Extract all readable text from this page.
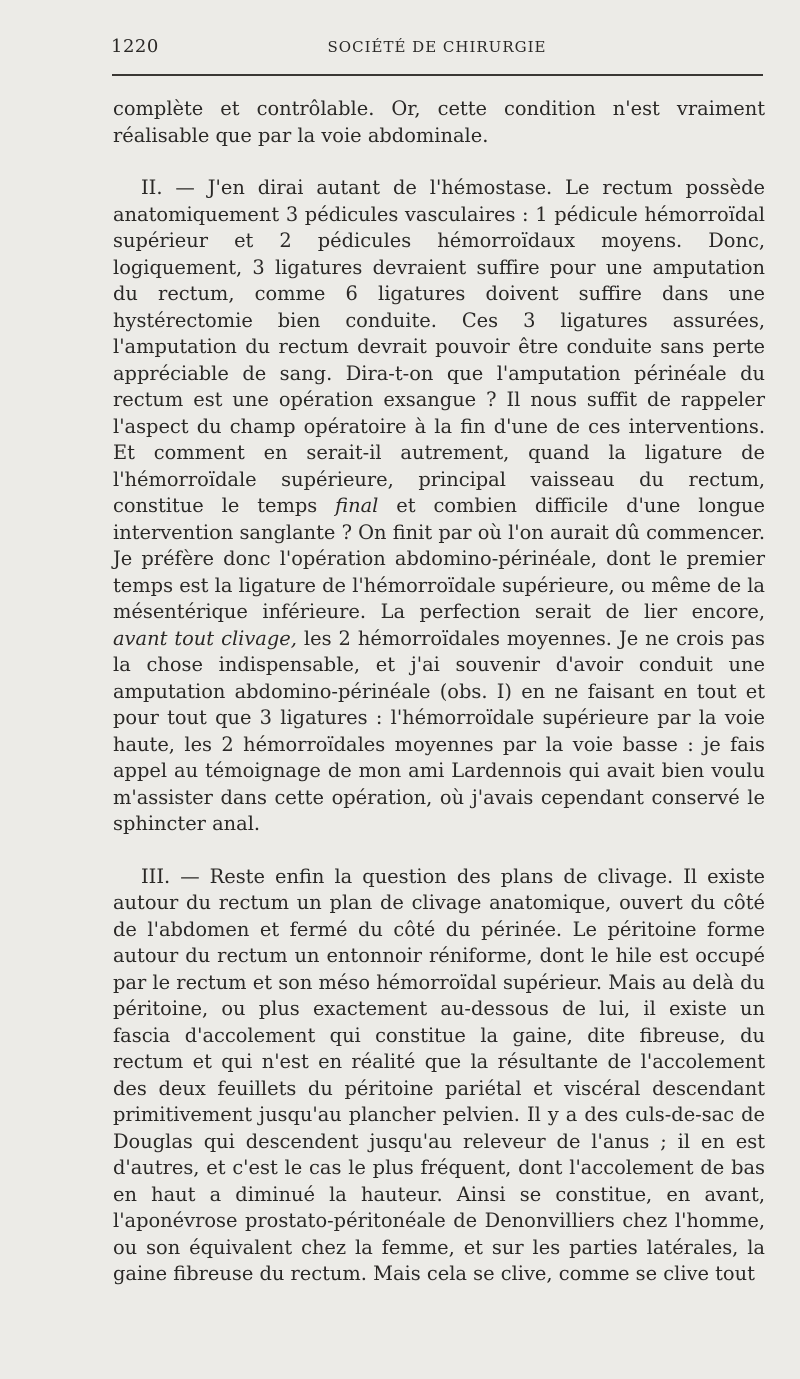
1220	SOCIÉTÉ DE CHIRURGIE

complète et contrôlable. Or, cette condition n'est vraiment réalisable que par la voie abdominale.

II. — J'en dirai autant de l'hémostase. Le rectum possède anatomiquement 3 pédicules vasculaires : 1 pédicule hémorroïdal supérieur et 2 pédicules hémorroïdaux moyens. Donc, logiquement, 3 ligatures devraient suffire pour une amputation du rectum, comme 6 ligatures doivent suffire dans une hystérectomie bien conduite. Ces 3 ligatures assurées, l'amputation du rectum devrait pouvoir être conduite sans perte appréciable de sang. Dira-t-on que l'amputation périnéale du rectum est une opération exsangue ? Il nous suffit de rappeler l'aspect du champ opératoire à la fin d'une de ces interventions. Et comment en serait-il autrement, quand la ligature de l'hémorroïdale supérieure, principal vaisseau du rectum, constitue le temps final et combien difficile d'une longue intervention sanglante ? On finit par où l'on aurait dû commencer. Je préfère donc l'opération abdomino-périnéale, dont le premier temps est la ligature de l'hémorroïdale supérieure, ou même de la mésentérique inférieure. La perfection serait de lier encore, avant tout clivage, les 2 hémorroïdales moyennes. Je ne crois pas la chose indispensable, et j'ai souvenir d'avoir conduit une amputation abdomino-périnéale (obs. I) en ne faisant en tout et pour tout que 3 ligatures : l'hémorroïdale supérieure par la voie haute, les 2 hémorroïdales moyennes par la voie basse : je fais appel au témoignage de mon ami Lardennois qui avait bien voulu m'assister dans cette opération, où j'avais cependant conservé le sphincter anal.

III. — Reste enfin la question des plans de clivage. Il existe autour du rectum un plan de clivage anatomique, ouvert du côté de l'abdomen et fermé du côté du périnée. Le péritoine forme autour du rectum un entonnoir réniforme, dont le hile est occupé par le rectum et son méso hémorroïdal supérieur. Mais au delà du péritoine, ou plus exactement au-dessous de lui, il existe un fascia d'accolement qui constitue la gaine, dite fibreuse, du rectum et qui n'est en réalité que la résultante de l'accolement des deux feuillets du péritoine pariétal et viscéral descendant primitivement jusqu'au plancher pelvien. Il y a des culs-de-sac de Douglas qui descendent jusqu'au releveur de l'anus ; il en est d'autres, et c'est le cas le plus fréquent, dont l'accolement de bas en haut a diminué la hauteur. Ainsi se constitue, en avant, l'aponévrose prostato-péritonéale de Denonvilliers chez l'homme, ou son équivalent chez la femme, et sur les parties latérales, la gaine fibreuse du rectum. Mais cela se clive, comme se clive tout
